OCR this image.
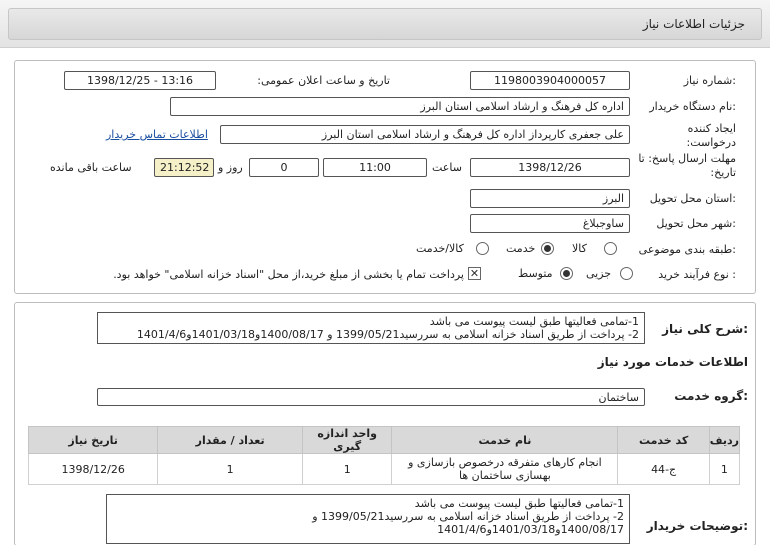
جزئیات اطلاعات نیاز
شماره نیاز:
1198003904000057
تاریخ و ساعت اعلان عمومی:
1398/12/25 - 13:16
نام دستگاه خریدار:
اداره کل فرهنگ و ارشاد اسلامی استان البرز
ایجاد کننده درخواست:
علی جعفری کارپرداز اداره کل فرهنگ و ارشاد اسلامی استان البرز
اطلاعات تماس خریدار
مهلت ارسال پاسخ: تا تاریخ:
1398/12/26
ساعت
11:00
0
روز و
21:12:52
ساعت باقی مانده
استان محل تحویل:
البرز
شهر محل تحویل:
ساوجبلاغ
طبقه بندی موضوعی:
کالا
خدمت
کالا/خدمت
نوع فرآیند خرید :
جزیی
متوسط
✕
پرداخت تمام یا بخشی از مبلغ خرید،از محل "اسناد خزانه اسلامی" خواهد بود.
شرح کلی نیاز:
1-تمامی فعالیتها طبق لیست پیوست می باشد
2- پرداخت از طریق اسناد خزانه اسلامی به سررسید1399/05/21 و 1400/08/17و1401/03/18و1401/4/6
اطلاعات خدمات مورد نیاز
گروه خدمت:
ساختمان
ردیف	کد خدمت	نام خدمت	واحد اندازه گیری	تعداد / مقدار	تاریخ نیاز
1	ج-44	انجام کارهای متفرقه درخصوص بازسازی و بهسازی ساختمان ها	1	1	1398/12/26
توضیحات خریدار:
1-تمامی فعالیتها طبق لیست پیوست می باشد
2- پرداخت از طریق اسناد خزانه اسلامی به سررسید1399/05/21 و
1400/08/17و1401/03/18و1401/4/6
